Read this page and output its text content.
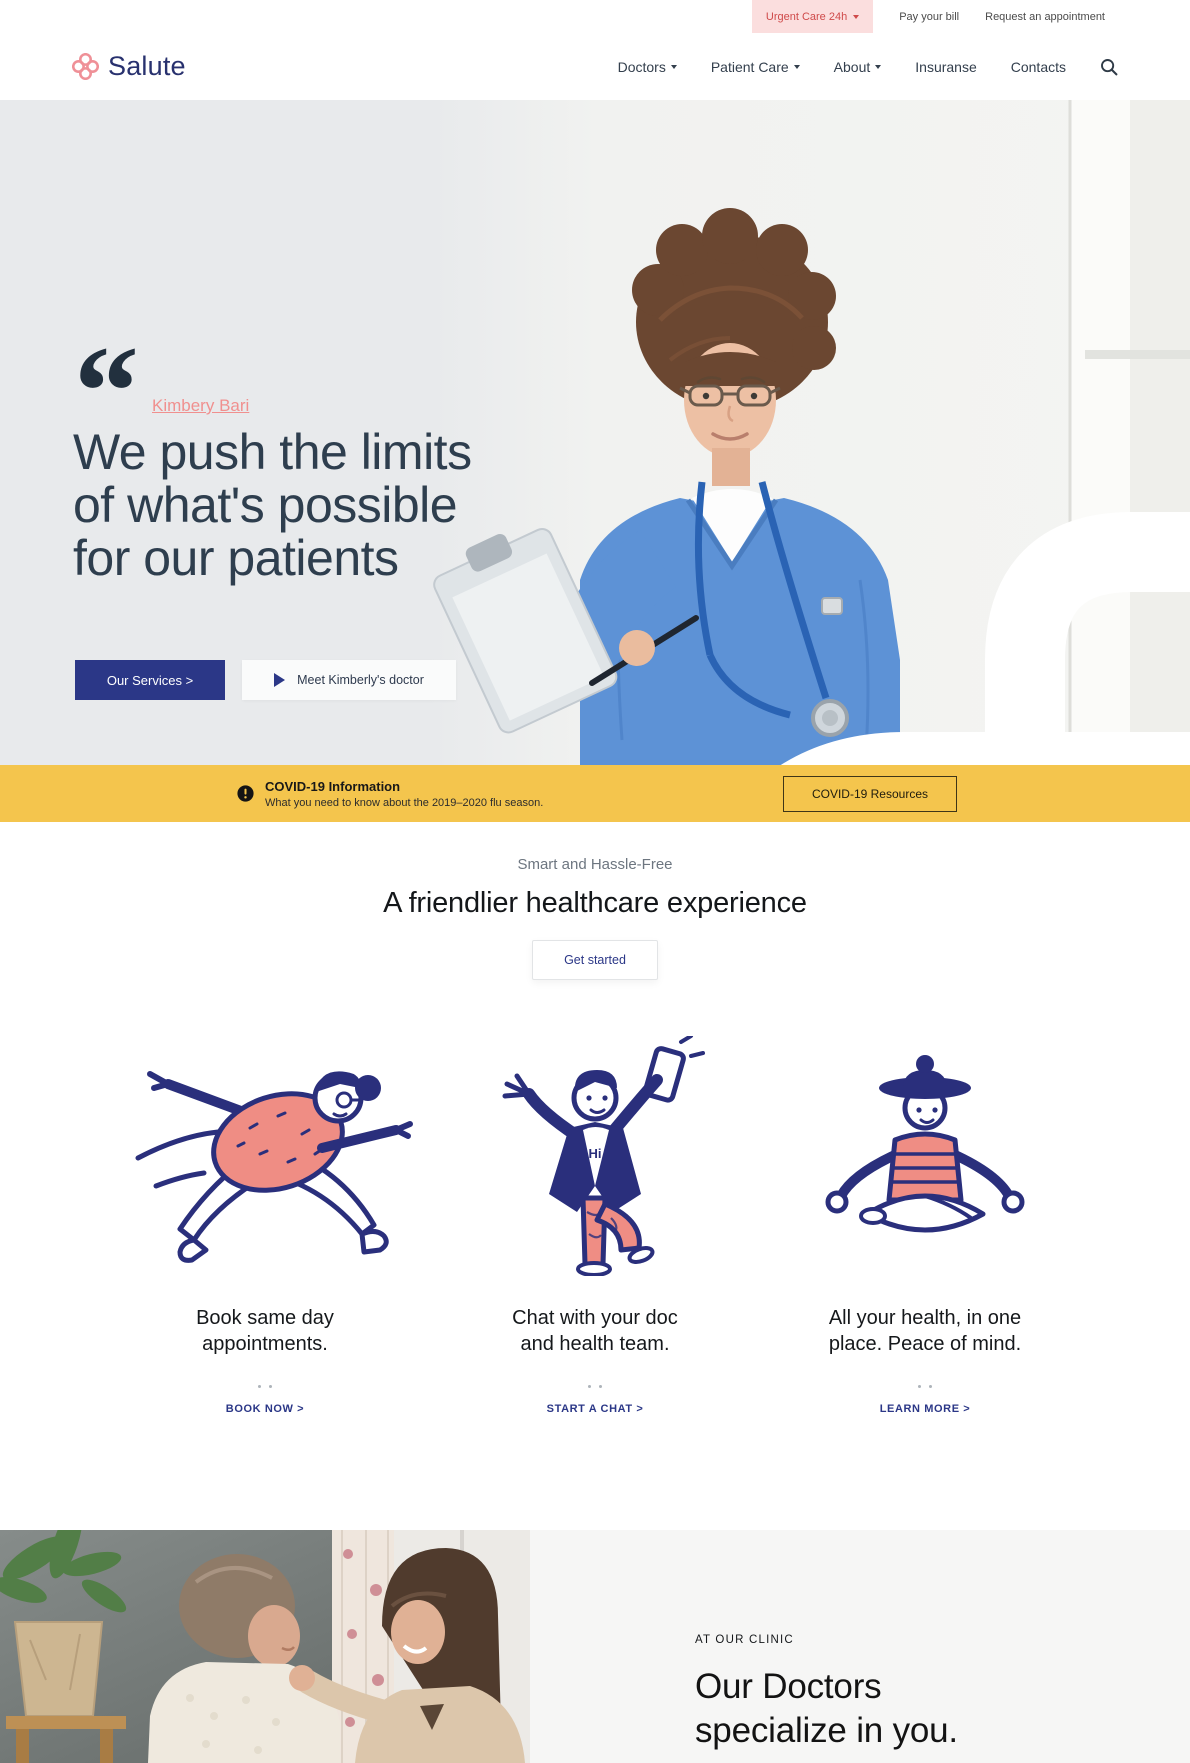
Urgent Care 24h	Pay your bill Request an appointment
Salute	Doctors	Patient Care	About	Insuranse Contacts
“
Kimbery Bari
We push the limits
of what's possible
for our patients
Our Services >	Meet Kimberly's doctor
COVID-19 Information
What you need to know about the 2019–2020 flu season.
COVID-19 Resources
Smart and Hassle-Free
A friendlier healthcare experience
Get started
Book same day
appointments.
BOOK NOW >
Hi
Chat with your doc
and health team.
START A CHAT >
All your health, in one
place. Peace of mind.
LEARN MORE >
AT OUR CLINIC
Our Doctors specialize in you.
